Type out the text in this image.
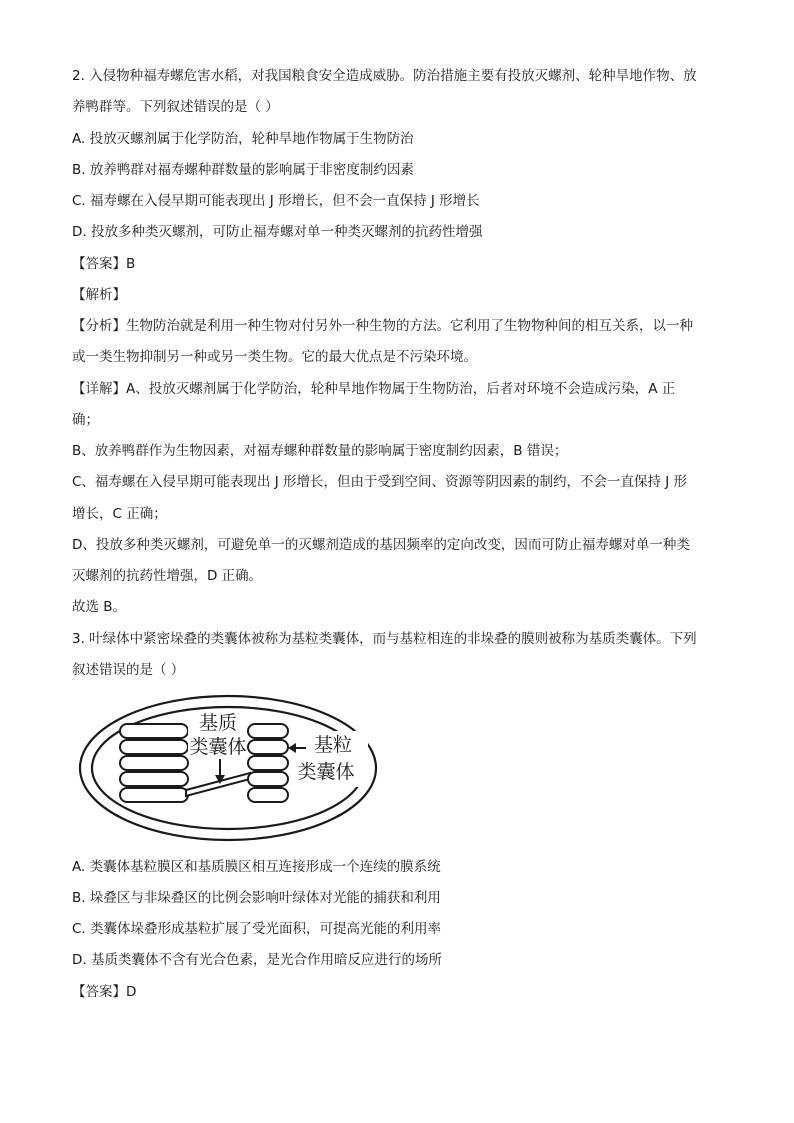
2. 入侵物种福寿螺危害水稻，对我国粮食安全造成威胁。防治措施主要有投放灭螺剂、轮种旱地作物、放
养鸭群等。下列叙述错误的是（ ）
A. 投放灭螺剂属于化学防治，轮种旱地作物属于生物防治
B. 放养鸭群对福寿螺种群数量的影响属于非密度制约因素
C. 福寿螺在入侵早期可能表现出 J 形增长，但不会一直保持 J 形增长
D. 投放多种类灭螺剂，可防止福寿螺对单一种类灭螺剂的抗药性增强
【答案】B
【解析】
【分析】生物防治就是利用一种生物对付另外一种生物的方法。它利用了生物物种间的相互关系，以一种
或一类生物抑制另一种或另一类生物。它的最大优点是不污染环境。
【详解】A、投放灭螺剂属于化学防治，轮种旱地作物属于生物防治，后者对环境不会造成污染，A 正
确；
B、放养鸭群作为生物因素，对福寿螺种群数量的影响属于密度制约因素，B 错误；
C、福寿螺在入侵早期可能表现出 J 形增长，但由于受到空间、资源等阴因素的制约，不会一直保持 J 形
增长，C 正确；
D、投放多种类灭螺剂，可避免单一的灭螺剂造成的基因频率的定向改变，因而可防止福寿螺对单一种类
灭螺剂的抗药性增强，D 正确。
故选 B。
3. 叶绿体中紧密垛叠的类囊体被称为基粒类囊体，而与基粒相连的非垛叠的膜则被称为基质类囊体。下列
叙述错误的是（ ）
基质
类囊体	基粒
类囊体
A. 类囊体基粒膜区和基质膜区相互连接形成一个连续的膜系统
B. 垛叠区与非垛叠区的比例会影响叶绿体对光能的捕获和利用
C. 类囊体垛叠形成基粒扩展了受光面积，可提高光能的利用率
D. 基质类囊体不含有光合色素，是光合作用暗反应进行的场所
【答案】D
